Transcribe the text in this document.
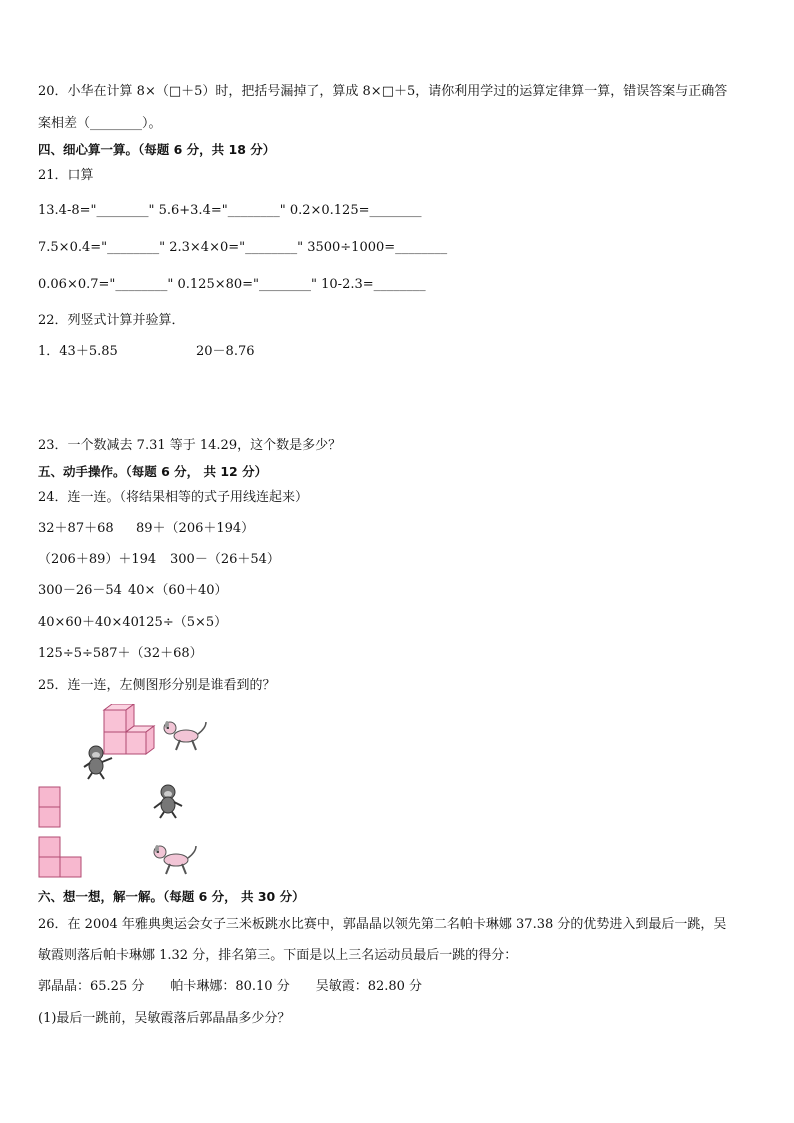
20．小华在计算 8×（□＋5）时，把括号漏掉了，算成 8×□＋5，请你利用学过的运算定律算一算，错误答案与正确答
案相差（________）。
四、细心算一算。（每题 6 分，共 18 分）
21．口算
13.4-8="________" 5.6+3.4="________" 0.2×0.125=________
7.5×0.4="________" 2.3×4×0="________" 3500÷1000=________
0.06×0.7="________" 0.125×80="________" 10-2.3=________
22．列竖式计算并验算．
1．43＋5.85	20－8.76
23．一个数减去 7.31 等于 14.29，这个数是多少？
五、动手操作。（每题 6 分， 共 12 分）
24．连一连。（将结果相等的式子用线连起来）
32＋87＋68 89＋（206＋194）
（206＋89）＋194 300－（26＋54）
300－26－54 40×（60＋40）
40×60＋40×40 125÷（5×5）
125÷5÷5 87＋（32＋68）
25．连一连，左侧图形分别是谁看到的？
六、想一想，解一解。（每题 6 分， 共 30 分）
26．在 2004 年雅典奥运会女子三米板跳水比赛中，郭晶晶以领先第二名帕卡琳娜 37.38 分的优势进入到最后一跳，吴
敏霞则落后帕卡琳娜 1.32 分，排名第三。下面是以上三名运动员最后一跳的得分：
郭晶晶：65.25 分　　帕卡琳娜：80.10 分　　吴敏霞：82.80 分
(1)最后一跳前，吴敏霞落后郭晶晶多少分？
